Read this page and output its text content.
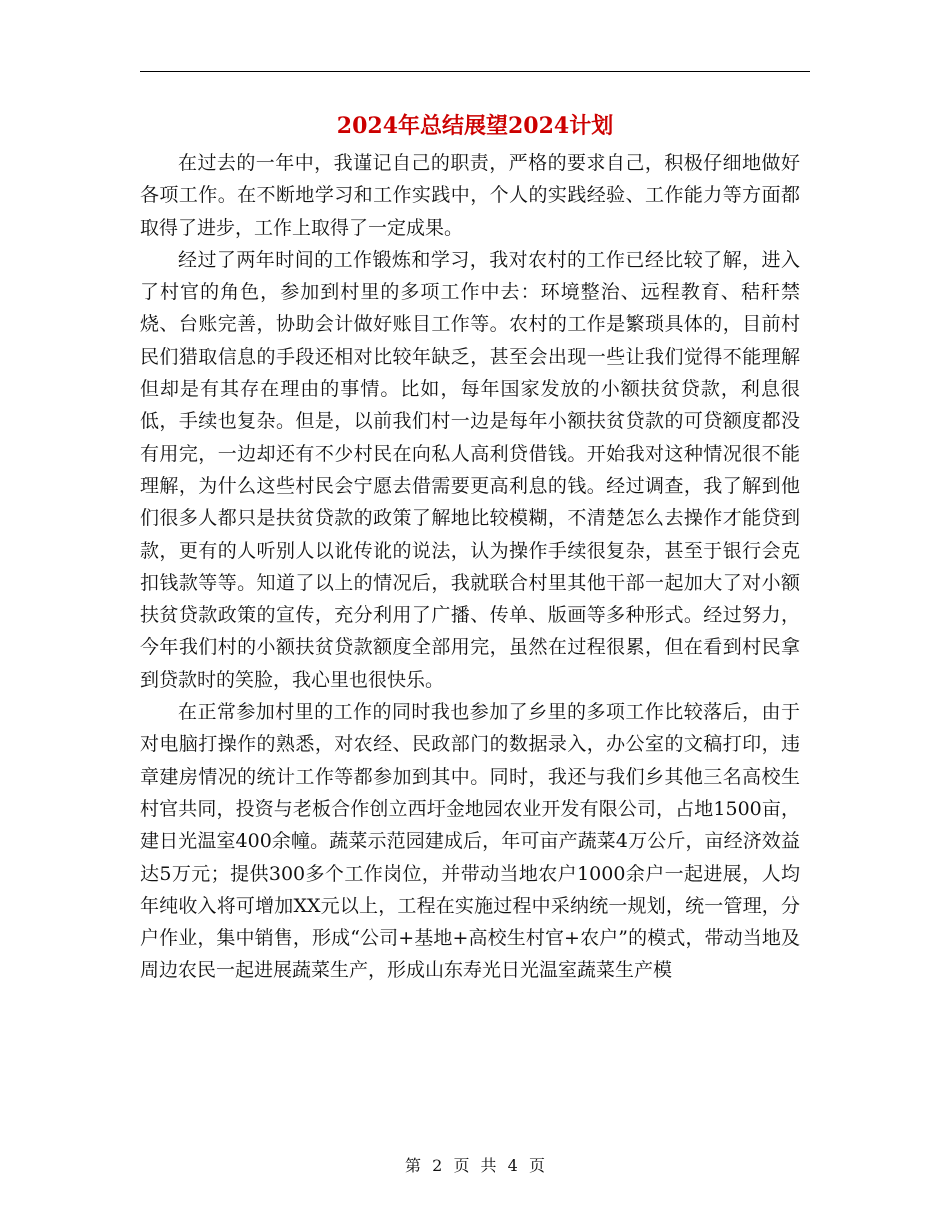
2024年总结展望2024计划

在过去的一年中，我谨记自己的职责，严格的要求自己，积极仔细地做好各项工作。在不断地学习和工作实践中，个人的实践经验、工作能力等方面都取得了进步，工作上取得了一定成果。

经过了两年时间的工作锻炼和学习，我对农村的工作已经比较了解，进入了村官的角色，参加到村里的多项工作中去：环境整治、远程教育、秸秆禁烧、台账完善，协助会计做好账目工作等。农村的工作是繁琐具体的，目前村民们猎取信息的手段还相对比较年缺乏，甚至会出现一些让我们觉得不能理解但却是有其存在理由的事情。比如，每年国家发放的小额扶贫贷款，利息很低，手续也复杂。但是，以前我们村一边是每年小额扶贫贷款的可贷额度都没有用完，一边却还有不少村民在向私人高利贷借钱。开始我对这种情况很不能理解，为什么这些村民会宁愿去借需要更高利息的钱。经过调查，我了解到他们很多人都只是扶贫贷款的政策了解地比较模糊，不清楚怎么去操作才能贷到款，更有的人听别人以讹传讹的说法，认为操作手续很复杂，甚至于银行会克扣钱款等等。知道了以上的情况后，我就联合村里其他干部一起加大了对小额扶贫贷款政策的宣传，充分利用了广播、传单、版画等多种形式。经过努力，今年我们村的小额扶贫贷款额度全部用完，虽然在过程很累，但在看到村民拿到贷款时的笑脸，我心里也很快乐。

在正常参加村里的工作的同时我也参加了乡里的多项工作比较落后，由于对电脑打操作的熟悉，对农经、民政部门的数据录入，办公室的文稿打印，违章建房情况的统计工作等都参加到其中。同时，我还与我们乡其他三名高校生村官共同，投资与老板合作创立西圩金地园农业开发有限公司，占地1500亩，建日光温室400余幢。蔬菜示范园建成后，年可亩产蔬菜4万公斤，亩经济效益达5万元；提供300多个工作岗位，并带动当地农户1000余户一起进展，人均年纯收入将可增加XX元以上，工程在实施过程中采纳统一规划，统一管理，分户作业，集中销售，形成“公司+基地+高校生村官+农户”的模式，带动当地及周边农民一起进展蔬菜生产，形成山东寿光日光温室蔬菜生产模

第 2 页 共 4 页
